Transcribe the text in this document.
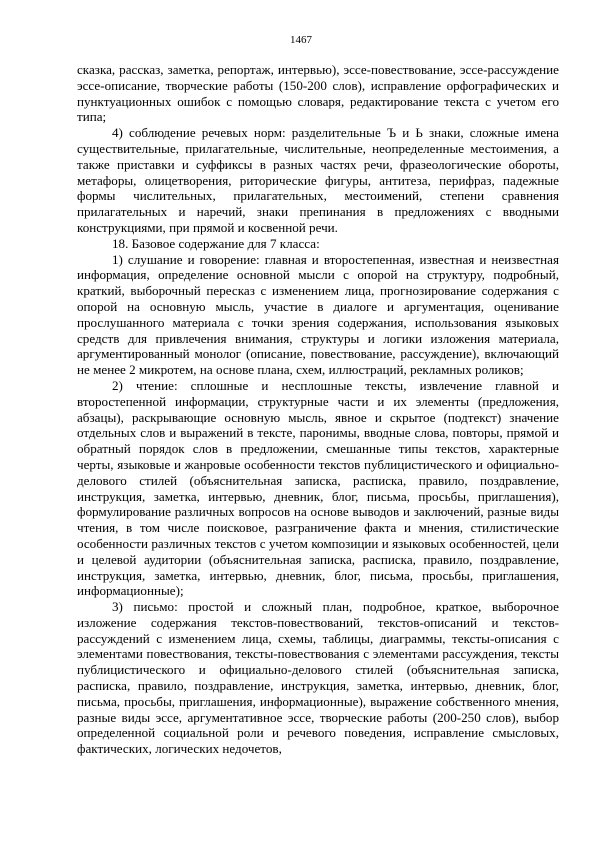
1467

сказка, рассказ, заметка, репортаж, интервью), эссе-повествование, эссе-рассуждение эссе-описание, творческие работы (150-200 слов), исправление орфографических и пунктуационных ошибок с помощью словаря, редактирование текста с учетом его типа;

4) соблюдение речевых норм: разделительные Ъ и Ь знаки, сложные имена существительные, прилагательные, числительные, неопределенные местоимения, а также приставки и суффиксы в разных частях речи, фразеологические обороты, метафоры, олицетворения, риторические фигуры, антитеза, перифраз, падежные формы числительных, прилагательных, местоимений, степени сравнения прилагательных и наречий, знаки препинания в предложениях с вводными конструкциями, при прямой и косвенной речи.

18. Базовое содержание для 7 класса:

1) слушание и говорение: главная и второстепенная, известная и неизвестная информация, определение основной мысли с опорой на структуру, подробный, краткий, выборочный пересказ с изменением лица, прогнозирование содержания с опорой на основную мысль, участие в диалоге и аргументация, оценивание прослушанного материала с точки зрения содержания, использования языковых средств для привлечения внимания, структуры и логики изложения материала, аргументированный монолог (описание, повествование, рассуждение), включающий не менее 2 микротем, на основе плана, схем, иллюстраций, рекламных роликов;

2) чтение: сплошные и несплошные тексты, извлечение главной и второстепенной информации, структурные части и их элементы (предложения, абзацы), раскрывающие основную мысль, явное и скрытое (подтекст) значение отдельных слов и выражений в тексте, паронимы, вводные слова, повторы, прямой и обратный порядок слов в предложении, смешанные типы текстов, характерные черты, языковые и жанровые особенности текстов публицистического и официально-делового стилей (объяснительная записка, расписка, правило, поздравление, инструкция, заметка, интервью, дневник, блог, письма, просьбы, приглашения), формулирование различных вопросов на основе выводов и заключений, разные виды чтения, в том числе поисковое, разграничение факта и мнения, стилистические особенности различных текстов с учетом композиции и языковых особенностей, цели и целевой аудитории (объяснительная записка, расписка, правило, поздравление, инструкция, заметка, интервью, дневник, блог, письма, просьбы, приглашения, информационные);

3) письмо: простой и сложный план, подробное, краткое, выборочное изложение содержания текстов-повествований, текстов-описаний и текстов-рассуждений с изменением лица, схемы, таблицы, диаграммы, тексты-описания с элементами повествования, тексты-повествования с элементами рассуждения, тексты публицистического и официально-делового стилей (объяснительная записка, расписка, правило, поздравление, инструкция, заметка, интервью, дневник, блог, письма, просьбы, приглашения, информационные), выражение собственного мнения, разные виды эссе, аргументативное эссе, творческие работы (200-250 слов), выбор определенной социальной роли и речевого поведения, исправление смысловых, фактических, логических недочетов,
